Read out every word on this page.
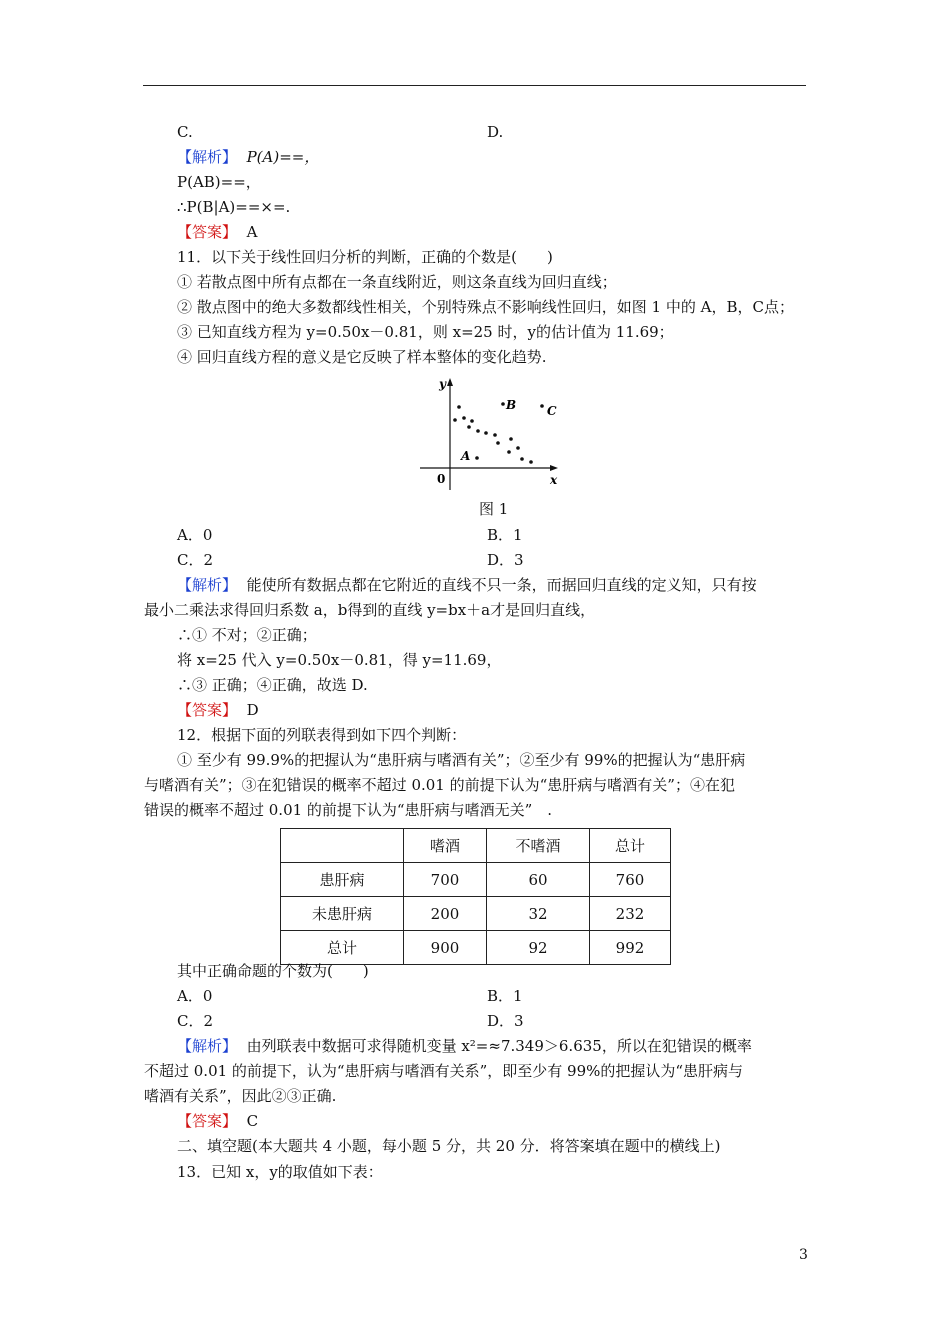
C.	D.
【解析】 P(A)==，
P(AB)==，
∴P(B|A)==×=.
【答案】 A
11．以下关于线性回归分析的判断，正确的个数是(　　)
① 若散点图中所有点都在一条直线附近，则这条直线为回归直线；
② 散点图中的绝大多数都线性相关，个别特殊点不影响线性回归，如图 1 中的 A，B，C点；
③ 已知直线方程为 y=0.50x－0.81，则 x=25 时，y的估计值为 11.69；
④ 回归直线方程的意义是它反映了样本整体的变化趋势.
y
x
0
A
B	C
图 1
A．0	B．1
C．2	D．3
【解析】 能使所有数据点都在它附近的直线不只一条，而据回归直线的定义知，只有按
最小二乘法求得回归系数 a，b得到的直线 y=bx＋a才是回归直线，
∴① 不对；②正确；
将 x=25 代入 y=0.50x－0.81，得 y=11.69，
∴③ 正确；④正确，故选 D.
【答案】 D
12．根据下面的列联表得到如下四个判断：
① 至少有 99.9%的把握认为“患肝病与嗜酒有关”；②至少有 99%的把握认为“患肝病
与嗜酒有关”；③在犯错误的概率不超过 0.01 的前提下认为“患肝病与嗜酒有关”；④在犯
错误的概率不超过 0.01 的前提下认为“患肝病与嗜酒无关”　.
	嗜酒	不嗜酒	总计
患肝病	700	60	760
未患肝病	200	32	232
总计	900	92	992
其中正确命题的个数为(　　)
A．0	B．1
C．2	D．3
【解析】 由列联表中数据可求得随机变量 x²=≈7.349＞6.635，所以在犯错误的概率
不超过 0.01 的前提下，认为“患肝病与嗜酒有关系”，即至少有 99%的把握认为“患肝病与
嗜酒有关系”，因此②③正确.
【答案】 C
二、填空题(本大题共 4 小题，每小题 5 分，共 20 分．将答案填在题中的横线上)
13．已知 x，y的取值如下表：
3
